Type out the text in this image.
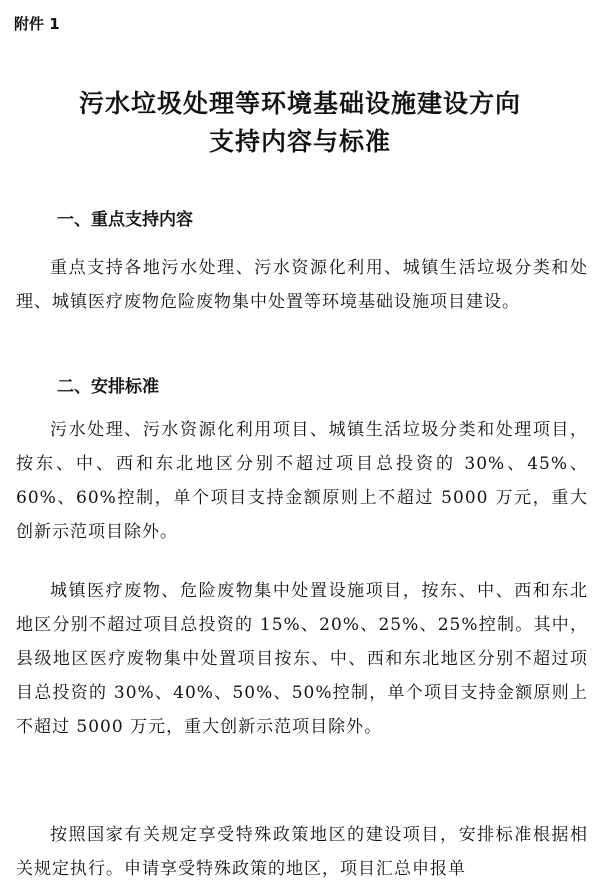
附件 1
污水垃圾处理等环境基础设施建设方向
支持内容与标准
一、重点支持内容

重点支持各地污水处理、污水资源化利用、城镇生活垃圾分类和处理、城镇医疗废物危险废物集中处置等环境基础设施项目建设。

二、安排标准

污水处理、污水资源化利用项目、城镇生活垃圾分类和处理项目，按东、中、西和东北地区分别不超过项目总投资的 30%、45%、60%、60%控制，单个项目支持金额原则上不超过 5000 万元，重大创新示范项目除外。

城镇医疗废物、危险废物集中处置设施项目，按东、中、西和东北地区分别不超过项目总投资的 15%、20%、25%、25%控制。其中，县级地区医疗废物集中处置项目按东、中、西和东北地区分别不超过项目总投资的 30%、40%、50%、50%控制，单个项目支持金额原则上不超过 5000 万元，重大创新示范项目除外。

按照国家有关规定享受特殊政策地区的建设项目，安排标准根据相关规定执行。申请享受特殊政策的地区，项目汇总申报单
